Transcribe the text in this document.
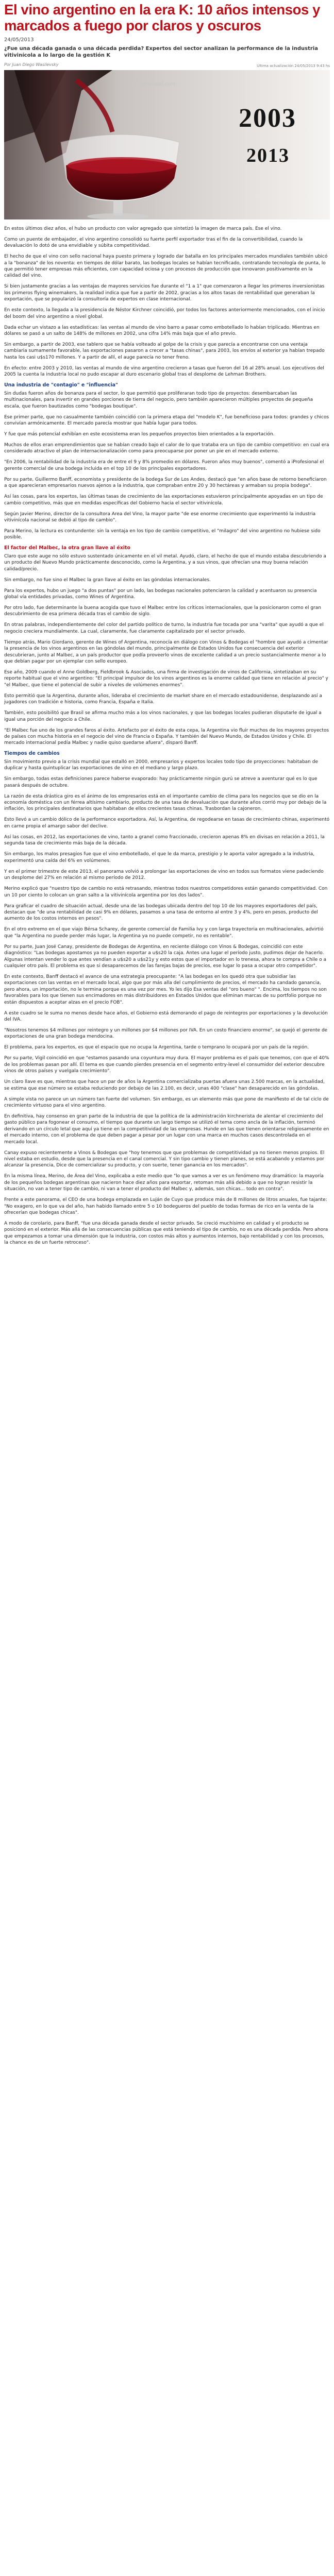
El vino argentino en la era K: 10 años intensos y marcados a fuego por claros y oscuros
24/05/2013
¿Fue una década ganada o una década perdida? Expertos del sector analizan la performance de la industria vitivinícola a lo largo de la gestión K
Por Juan Diego Wasilevsky	Última actualización 24/05/2013 9:43 hs
iProfesional.com
2003
2013

En estos últimos diez años, el hubo un producto con valor agregado que sintetizó la imagen de marca país. Ese el vino.

Como un puente de embajador, el vino argentino consolidó su fuerte perfil exportador tras el fin de la convertibilidad, cuando la devaluación lo dotó de una envidiable y súbita competitividad.

El hecho de que el vino con sello nacional haya puesto primera y logrado dar batalla en los principales mercados mundiales también ubicó a la "bonanza" de los noventa: en tiempos de dólar barato, las bodegas locales se habían tecnificado, contratando tecnología de punta, lo que permitió tener empresas más eficientes, con capacidad ociosa y con procesos de producción que innovaron positivamente en la calidad del vino.

Si bien justamente gracias a las ventajas de mayores servicios fue durante el "1 a 1" que comenzaron a llegar los primeros inversionistas los primeros flying winemakers, la realidad indica que fue a partir de 2002, gracias a los altos tasas de rentabilidad que generaban la exportación, que se popularizó la consultoría de expertos en clase internacional.

En este contexto, la llegada a la presidencia de Néstor Kirchner coincidió, por todos los factores anteriormente mencionados, con el inicio del boom del vino argentino a nivel global.

Dada echar un vistazo a las estadísticas: las ventas al mundo de vino barro a pasar como embotellado lo habían triplicado. Mientras en dólares se pasó a un salto de 148% de millones en 2002, una cifra 14% más baja que el año previo.

Sin embargo, a partir de 2003, ese tablero que se había volteado al golpe de la crisis y que parecía a encontrarse con una ventaja cambiaria sumamente favorable, las exportaciones pasaron a crecer a "tasas chinas", para 2003, los envíos al exterior ya habían trepado hasta los casi u$s170 millones. Y a partir de allí, el auge parecía no tener freno.

En efecto: entre 2003 y 2010, las ventas al mundo de vino argentino crecieron a tasas que fueron del 16 al 28% anual. Los ejecutivos del 2005 la cuenta la industria local no pudo escapar al duro escenario global tras el desplome de Lehman Brothers.

Una industria de "contagio" e "influencia"

Sin dudas fueron años de bonanza para el sector, lo que permitió que proliferaran todo tipo de proyectos: desembarcaban las multinacionales, para invertir en grandes porciones de tierra del negocio, pero también aparecieron múltiples proyectos de pequeña escala, que fueron bautizados como "bodegas boutique".

Ese primer parte, que no casualmente también coincidió con la primera etapa del "modelo K", fue beneficioso para todos: grandes y chicos convivían armónicamente. El mercado parecía mostrar que había lugar para todos.

Y fue que más potencial exhibían en este ecosistema eran los pequeños proyectos bien orientados a la exportación.

Muchos de ellos eran emprendimientos que se habían creado bajo el calor de lo que trataba era un tipo de cambio competitivo: en cual era considerado atractivo el plan de internacionalización como para preocuparse por poner un pie en el mercado externo.

"En 2006, la rentabilidad de la industria era de entre el 9 y 8% promedio en dólares. Fueron años muy buenos", comentó a iProfesional el gerente comercial de una bodega incluida en el top 10 de los principales exportadores.

Por su parte, Guillermo Banff, economista y presidente de la bodega Sur de Los Andes, destacó que "en años base de retorno beneficiaron a que aparecieran empresarios nuevos ajenos a la industria, que compraban entre 20 y 30 hectáreas y armaban su propia bodega".

Así las cosas, para los expertos, las últimas tasas de crecimiento de las exportaciones estuvieron principalmente apoyadas en un tipo de cambio competitivo, más que en medidas específicas del Gobierno hacia el sector vitivinícola.

Según Javier Merino, director de la consultora Area del Vino, la mayor parte "de ese enorme crecimiento que experimentó la industria vitivinícola nacional se debió al tipo de cambio".

Para Merino, la lectura es contundente: sin la ventaja en los tipo de cambio competitivo, el "milagro" del vino argentino no hubiese sido posible.

El factor del Malbec, la otra gran llave al éxito

Claro que este auge no sólo estuvo sustentado únicamente en el vil metal. Ayudó, claro, el hecho de que el mundo estaba descubriendo a un producto del Nuevo Mundo prácticamente desconocido, como la Argentina, y a sus vinos, que ofrecían una muy buena relación calidad/precio.

Sin embargo, no fue sino el Malbec la gran llave al éxito en las góndolas internacionales.

Para los expertos, hubo un juego "a dos puntas" por un lado, las bodegas nacionales potenciaron la calidad y acentuaron su presencia global vía entidades privadas, como Wines of Argentina.

Por otro lado, fue determinante la buena acogida que tuvo el Malbec entre los críticos internacionales, que la posicionaron como el gran descubrimiento de esa primera década tras el cambio de siglo.

En otras palabras, independientemente del color del partido político de turno, la industria fue tocada por una "varita" que ayudó a que el negocio creciera mundialmente. La cual, claramente, fue claramente capitalizado por el sector privado.

Tiempo atrás, Mario Giordano, gerente de Wines of Argentina, reconocía en diálogo con Vinos & Bodegas el "hombre que ayudó a cimentar la presencia de los vinos argentinos en las góndolas del mundo, principalmente de Estados Unidos fue consecuencia del exterior descubrieran, junto al Malbec, a un país productor que podía proveerlo vinos de excelente calidad a un precio sustancialmente menor a lo que debían pagar por un ejemplar con sello europeo.

Ese año, 2009 cuando el Anne Goldberg, Fieldbrook & Asociados, una firma de investigación de vinos de California, sintetizaban en su reporte habitual que el vino argentino: "El principal impulsor de los vinos argentinos es la enorme calidad que tiene en relación al precio" y "el Malbec, que tiene el potencial de subir a niveles de volúmenes enormes".

Esto permitió que la Argentina, durante años, lideraba el crecimiento de market share en el mercado estadounidense, desplazando así a jugadores con tradición e historia, como Francia, España e Italia.

También, esto posibilitó que Brasil se afirma mucho más a los vinos nacionales, y que las bodegas locales pudieran disputarle de igual a igual una porción del negocio a Chile.

"El Malbec fue uno de los grandes faros al éxito. Artefacto por el éxito de esta cepa, la Argentina vio fluir muchos de los mayores proyectos de países con mucha historia en el negocio del vino de Francia o España. Y también del Nuevo Mundo, de Estados Unidos y Chile. El mercado internacional pedía Malbec y nadie quiso quedarse afuera", disparó Banff.

Tiempos de cambios

Sin movimiento previo a la crisis mundial que estalló en 2000, empresarios y expertos locales todo tipo de proyecciones: habitaban de duplicar y hasta quintuplicar las exportaciones de vino en el mediano y largo plazo.

Sin embargo, todas estas definiciones parece haberse evaporado: hay prácticamente ningún gurú se atreve a aventurar qué es lo que pasará después de octubre.

La razón de esta drástica giro es el ánimo de los empresarios está en el importante cambio de clima para los negocios que se dio en la economía doméstica con un férrea altísimo cambiario, producto de una tasa de devaluación que durante años corrió muy por debajo de la inflación, los principales destinatarios que habitaban de ellos crecientes tasas chinas. Trasbordan la cajoneron.

Esto llevó a un cambio dólico de la performance exportadora. Así, la Argentina, de regodearse en tasas de crecimiento chinas, experimentó en carne propia el amargo sabor del declive.

Así las cosas, en 2012, las exportaciones de vino, tanto a granel como fraccionado, crecieron apenas 8% en divisas en relación a 2011, la segunda tasa de crecimiento más baja de la década.

Sin embargo, los malos presagios fue que el vino embotellado, el que le da marca, prestigio y le aporta valor agregado a la industria, experimentó una caída del 6% en volúmenes.

Y en el primer trimestre de este 2013, el panorama volvió a prolongar las exportaciones de vino en todos sus formatos viene padeciendo un desplome del 27% en relación al mismo período de 2012.

Merino explicó que "nuestro tipo de cambio no está retrasando, mientras todos nuestros competidores están ganando competitividad. Con un 10 por ciento lo colocan un gran salto a la vitivinícola argentina por los dos lados".

Para graficar el cuadro de situación actual, desde una de las bodegas ubicada dentro del top 10 de los mayores exportadores del país, destacan que "de una rentabilidad de casi 9% en dólares, pasamos a una tasa de entorno al entre 3 y 4%, pero en pesos, producto del aumento de los costos internos en pesos".

En el otro extremo en el que viajo Bérsa Scharey, de gerente comercial de Familia Ivy y con larga trayectoria en multinacionales, advirtió que "la Argentina no puede perder más lugar, la Argentina ya no puede competir, no es rentable".

Por su parte, Juan José Canay, presidente de Bodegas de Argentina, en reciente diálogo con Vinos & Bodegas, coincidió con este diagnóstico: "Las bodegas apostamos ya no pueden exportar a u$s20 la caja. Antes una lugar el período justo, pudimos dejar de hacerlo. Algunas intentan vender lo que antes vendían a u$s20 a u$s21y y esto estos que el importador en lo trenesa, ahora te compra a Chile o a cualquier otro país. El problema es que si desaparecemos de las farejas bajas de precios, ese lugar lo pasa a ocupar otro competidor".

En este contexto, Banff destacó el avance de una estrategia preocupante: "A las bodegas en los quedó otra que subsidiar las exportaciones con las ventas en el mercado local, algo que por más alla del cumplimiento de precios, el mercado ha candado ganancia, pero ahora, un importación, no le termina porque es una vez por mes. Yo les dijo Esa ventas del "oro bueno" ". Encima, los tiempos no son favorables para los que tienen sus encimadores en más distribuidores en Estados Unidos que eliminan marcas de su portfolio porque no están dispuestos a aceptar alzas en el precio FOB".

A este cuadro se le suma no menos desde hace años, el Gobierno está demorando el pago de reintegros por exportaciones y la devolución del IVA.

"Nosotros tenemos $4 millones por reintegro y un millones por $4 millones por IVA. En un costo financiero enorme", se quejó el gerente de exportaciones de una gran bodega mendocina.

El problema, para los expertos, es que el espacio que no ocupa la Argentina, tarde o temprano lo ocupará por un país de la región.

Por su parte, Vigil coincidió en que "estamos pasando una coyuntura muy dura. El mayor problema es el país que tenemos, con que el 40% de los problemas pasan por allí. El tema es que cuando pierdes presencia en el segmento entry-level el consumidor del exterior descubre vinos de otros países y vuelgala crecimiento".

Un claro llave es que, mientras que hace un par de años la Argentina comercializaba puertas afuera unas 2.500 marcas, en la actualidad, se estima que ese número se estaba reduciendo por debajo de las 2.100, es decir, unas 400 "clase" han desaparecido en las góndolas.

A simple vista no parece un un número tan fuerte del volumen. Sin embargo, es un elemento más que pone de manifiesto el de tal ciclo de crecimiento virtuoso para el vino argentino.

En definitiva, hay consenso en gran parte de la industria de que la política de la administración kirchnerista de alentar el crecimiento del gasto público para fogonear el consumo, el tiempo que durante un largo tiempo se utilizó el tema como ancla de la inflación, terminó derivando en un círculo letal que aquí ya tiene en la competitividad de las empresas. Hunde en las que tienen orientarse religiosamente en el mercado interno, con el problema de que deben pagar a pesar por un lugar con una marca en muchos casos descontrolada en el mercado local.

Canay expuso recientemente a Vinos & Bodegas que "hoy tenemos que que problemas de competitividad ya no tienen menos propios. El nivel estaba en estudio, desde que la presencia en el canal comercial. Y sin tipo cambio y tienen planes, se está acabando y estamos por alcanzar la presencia, Dice de comercializar su producto, y con suerte, tener ganancia en los mercados".

En la misma línea, Merino, de Área del Vino, explicaba a este medio que "lo que vamos a ver es un fenómeno muy dramático: la mayoría de los pequeños bodegas argentinas que nacieron hace diez años para exportar, retoman más allá debido a que no logran resistir la situación, no van a tener tipo de cambio, ni van a tener el producto del Malbec y, además, son chicas... todo en contra".

Frente a este panorama, el CEO de una bodega emplazada en Luján de Cuyo que produce más de 8 millones de litros anuales, fue tajante: "No exagero, en lo que va del año, han habido llamado entre 5 o 10 bodegueros del pueblo de todas formas de rico en la venta de la ofrecerían que bodegas chicas".

A modo de corolario, para Banff, "fue una década ganada desde el sector privado. Se creció muchísimo en calidad y el producto se posicionó en el exterior. Más allá de las consecuencias públicas que está teniendo el tipo de cambio, no es una década perdida. Pero ahora que empezamos a tomar una dimensión que la industria, con costos más altos y aumentos internos, bajo rentabilidad y con los procesos, la chance es de un fuerte retroceso".
